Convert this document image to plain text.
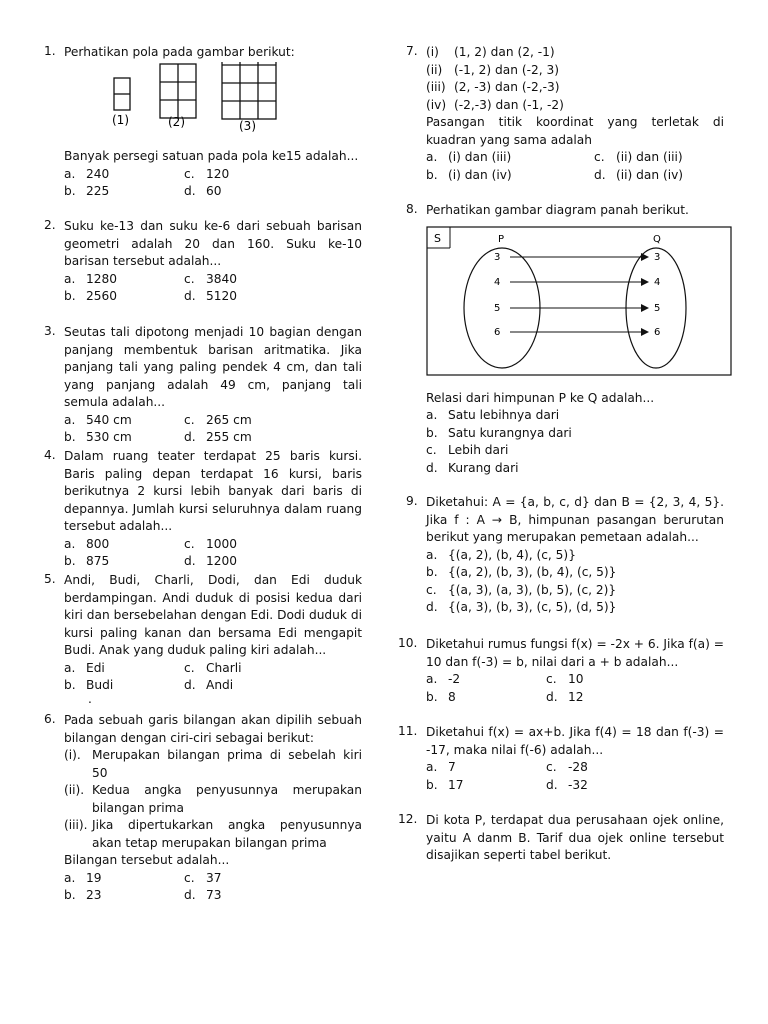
1. Perhatikan pola pada gambar berikut:
(1)	(2)	(3)
Banyak persegi satuan pada pola ke15 adalah...
a. 240	c. 120
b. 225	d. 60
2. Suku ke-13 dan suku ke-6 dari sebuah barisan geometri adalah 20 dan 160. Suku ke-10 barisan tersebut adalah...
a. 1280	c. 3840
b. 2560	d. 5120
3. Seutas tali dipotong menjadi 10 bagian dengan panjang membentuk barisan aritmatika. Jika panjang tali yang paling pendek 4 cm, dan tali yang panjang adalah 49 cm, panjang tali semula adalah...
a. 540 cm	c. 265 cm
b. 530 cm	d. 255 cm
4. Dalam ruang teater terdapat 25 baris kursi. Baris paling depan terdapat 16 kursi, baris berikutnya 2 kursi lebih banyak dari baris di depannya. Jumlah kursi seluruhnya dalam ruang tersebut adalah...
a. 800	c. 1000
b. 875	d. 1200
5. Andi, Budi, Charli, Dodi, dan Edi duduk berdampingan. Andi duduk di posisi kedua dari kiri dan bersebelahan dengan Edi. Dodi duduk di kursi paling kanan dan bersama Edi mengapit Budi. Anak yang duduk paling kiri adalah...
a. Edi	c. Charli
b. Budi	d. Andi
.
6. Pada sebuah garis bilangan akan dipilih sebuah bilangan dengan ciri-ciri sebagai berikut:
(i). Merupakan bilangan prima di sebelah kiri 50
(ii). Kedua angka penyusunnya merupakan bilangan prima
(iii). Jika dipertukarkan angka penyusunnya akan tetap merupakan bilangan prima
Bilangan tersebut adalah...
a. 19	c. 37
b. 23	d. 73
7. (i)	(1, 2) dan (2, -1)
(ii) (-1, 2) dan (-2, 3)
(iii) (2, -3) dan (-2,-3)
(iv) (-2,-3) dan (-1, -2)
Pasangan titik koordinat yang terletak di kuadran yang sama adalah
a. (i) dan (iii)	c. (ii) dan (iii)
b. (i) dan (iv)	d. (ii) dan (iv)
8. Perhatikan gambar diagram panah berikut.
S	P	Q
3
4
5
6
3
4
5
6
Relasi dari himpunan P ke Q adalah...
a. Satu lebihnya dari
b. Satu kurangnya dari
c. Lebih dari
d. Kurang dari
9. Diketahui: A = {a, b, c, d} dan B = {2, 3, 4, 5}. Jika f : A → B, himpunan pasangan berurutan berikut yang merupakan pemetaan adalah...
a. {(a, 2), (b, 4), (c, 5)}
b. {(a, 2), (b, 3), (b, 4), (c, 5)}
c. {(a, 3), (a, 3), (b, 5), (c, 2)}
d. {(a, 3), (b, 3), (c, 5), (d, 5)}
10. Diketahui rumus fungsi f(x) = -2x + 6. Jika f(a) = 10 dan f(-3) = b, nilai dari a + b adalah...
a. -2	c. 10
b. 8	d. 12
11. Diketahui f(x) = ax+b. Jika f(4) = 18 dan f(-3) = -17, maka nilai f(-6) adalah...
a. 7	c. -28
b. 17	d. -32
12. Di kota P, terdapat dua perusahaan ojek online, yaitu A danm B. Tarif dua ojek online tersebut disajikan seperti tabel berikut.
